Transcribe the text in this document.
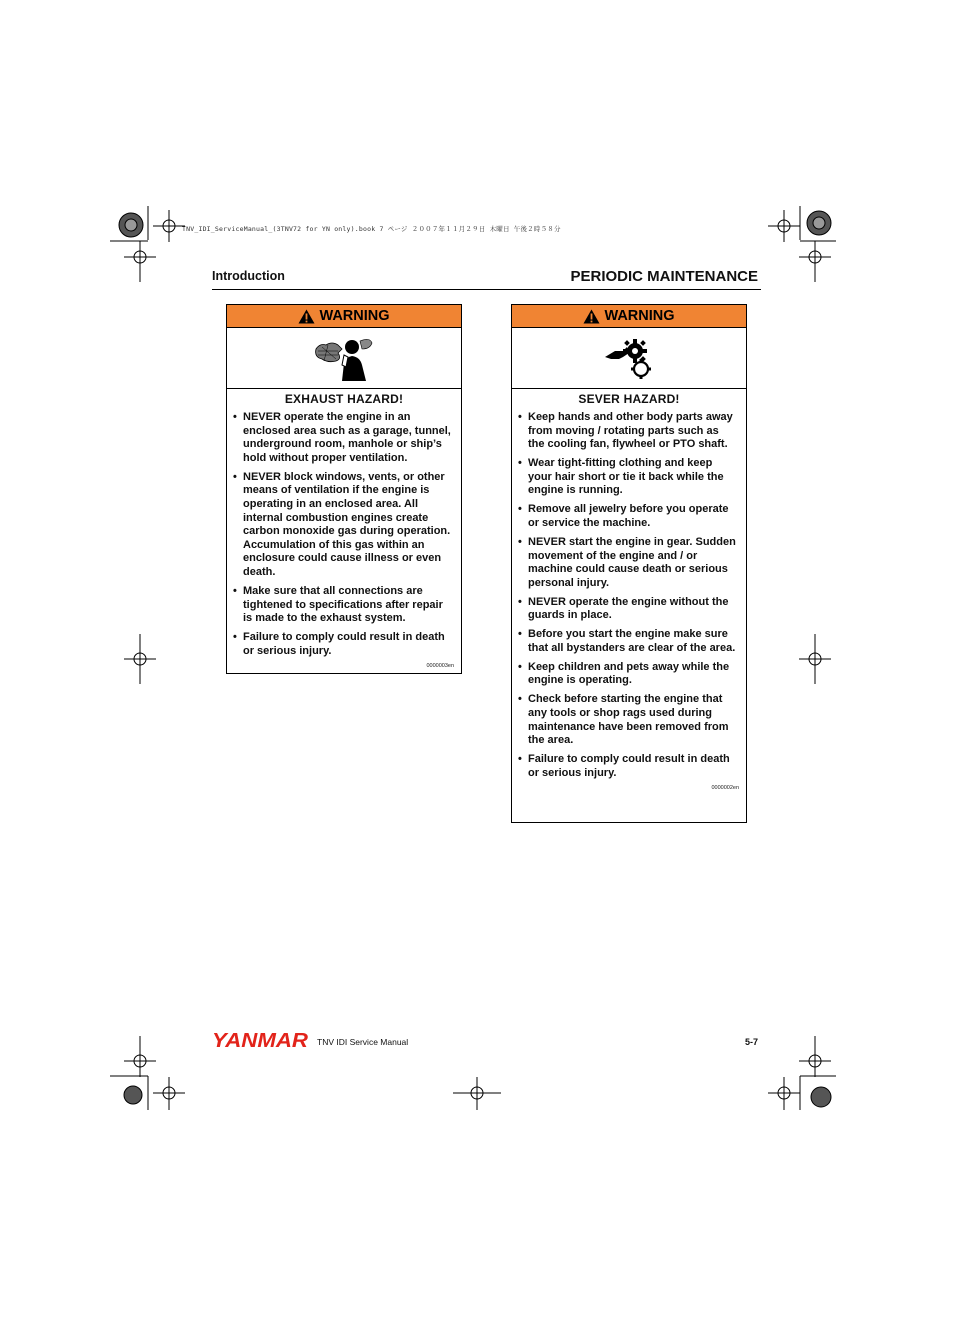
TNV_IDI_ServiceManual_(3TNV72 for YN only).book 7 ページ ２００７年１１月２９日 木曜日 午後２時５８分
Introduction	PERIODIC MAINTENANCE
WARNING
EXHAUST HAZARD!
• NEVER operate the engine in an enclosed area such as a garage, tunnel, underground room, manhole or ship’s hold without proper ventilation.
• NEVER block windows, vents, or other means of ventilation if the engine is operating in an enclosed area. All internal combustion engines create carbon monoxide gas during operation. Accumulation of this gas within an enclosure could cause illness or even death.
• Make sure that all connections are tightened to specifications after repair is made to the exhaust system.
• Failure to comply could result in death or serious injury.
0000003en
WARNING
SEVER HAZARD!
• Keep hands and other body parts away from moving / rotating parts such as the cooling fan, flywheel or PTO shaft.
• Wear tight-fitting clothing and keep your hair short or tie it back while the engine is running.
• Remove all jewelry before you operate or service the machine.
• NEVER start the engine in gear. Sudden movement of the engine and / or machine could cause death or serious personal injury.
• NEVER operate the engine without the guards in place.
• Before you start the engine make sure that all bystanders are clear of the area.
• Keep children and pets away while the engine is operating.
• Check before starting the engine that any tools or shop rags used during maintenance have been removed from the area.
• Failure to comply could result in death or serious injury.
0000002en
YANMAR TNV IDI Service Manual	5-7
